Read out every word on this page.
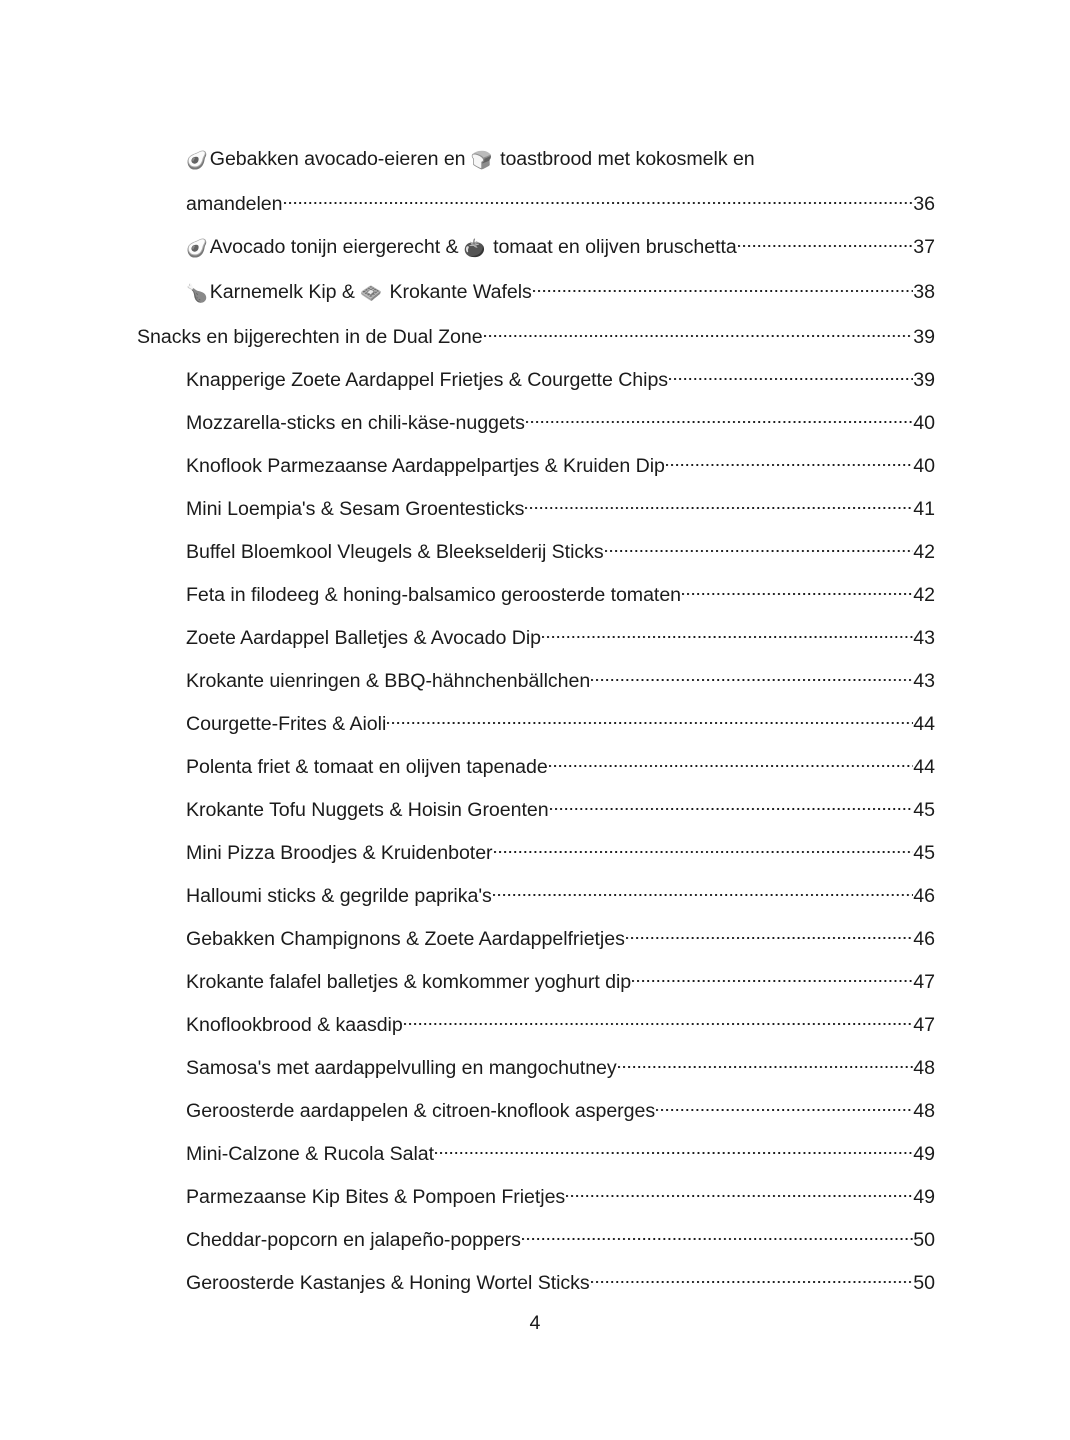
🥑 Gebakken avocado-eieren en 🍞 toastbrood met kokosmelk en
amandelen	36
🥑 Avocado tonijn eiergerecht & 🍅 tomaat en olijven bruschetta	37
🍗 Karnemelk Kip & 🧇 Krokante Wafels	38
Snacks en bijgerechten in de Dual Zone	39
Knapperige Zoete Aardappel Frietjes & Courgette Chips	39
Mozzarella-sticks en chili-käse-nuggets	40
Knoflook Parmezaanse Aardappelpartjes & Kruiden Dip	40
Mini Loempia's & Sesam Groentesticks	41
Buffel Bloemkool Vleugels & Bleekselderij Sticks	42
Feta in filodeeg & honing-balsamico geroosterde tomaten	42
Zoete Aardappel Balletjes & Avocado Dip	43
Krokante uienringen & BBQ-hähnchenbällchen	43
Courgette-Frites & Aioli	44
Polenta friet & tomaat en olijven tapenade	44
Krokante Tofu Nuggets & Hoisin Groenten	45
Mini Pizza Broodjes & Kruidenboter	45
Halloumi sticks & gegrilde paprika's	46
Gebakken Champignons & Zoete Aardappelfrietjes	46
Krokante falafel balletjes & komkommer yoghurt dip	47
Knoflookbrood & kaasdip	47
Samosa's met aardappelvulling en mangochutney	48
Geroosterde aardappelen & citroen-knoflook asperges	48
Mini-Calzone & Rucola Salat	49
Parmezaanse Kip Bites & Pompoen Frietjes	49
Cheddar-popcorn en jalapeño-poppers	50
Geroosterde Kastanjes & Honing Wortel Sticks	50
4
